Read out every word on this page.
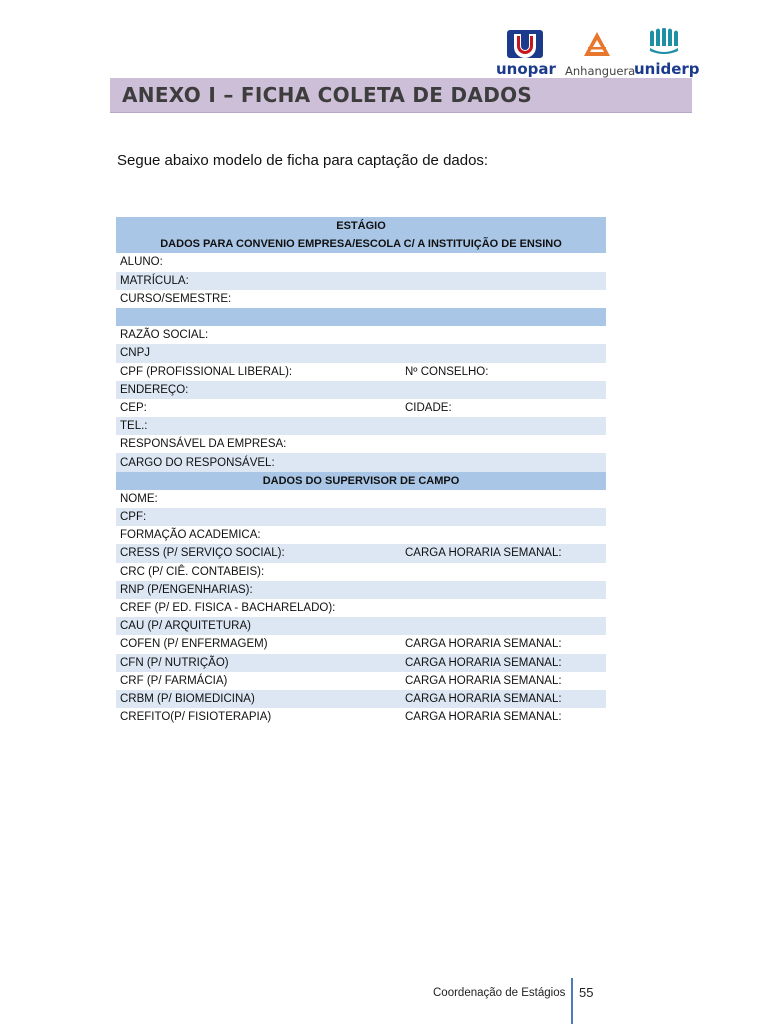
unopar Anhanguera
uniderp
ANEXO I – FICHA COLETA DE DADOS
Segue abaixo modelo de ficha para captação de dados:
ESTÁGIO	
DADOS PARA CONVENIO EMPRESA/ESCOLA C/ A INSTITUIÇÃO DE ENSINO	
ALUNO:	
MATRÍCULA:	
CURSO/SEMESTRE:	

RAZÃO SOCIAL:	
CNPJ	
CPF (PROFISSIONAL LIBERAL):	Nº CONSELHO:
ENDEREÇO:	
CEP:	CIDADE:
TEL.:	
RESPONSÁVEL DA EMPRESA:	
CARGO DO RESPONSÁVEL:	
DADOS DO SUPERVISOR DE CAMPO	
NOME:	
CPF:	
FORMAÇÃO ACADEMICA:	
CRESS (P/ SERVIÇO SOCIAL):	CARGA HORARIA SEMANAL:
CRC (P/ CIÊ. CONTABEIS):	
RNP (P/ENGENHARIAS):	
CREF (P/ ED. FISICA - BACHARELADO):	
CAU (P/ ARQUITETURA)	
COFEN (P/ ENFERMAGEM)	CARGA HORARIA SEMANAL:
CFN (P/ NUTRIÇÃO)	CARGA HORARIA SEMANAL:
CRF (P/ FARMÁCIA)	CARGA HORARIA SEMANAL:
CRBM (P/ BIOMEDICINA)	CARGA HORARIA SEMANAL:
CREFITO(P/ FISIOTERAPIA)	CARGA HORARIA SEMANAL:
Coordenação de Estágios 55
